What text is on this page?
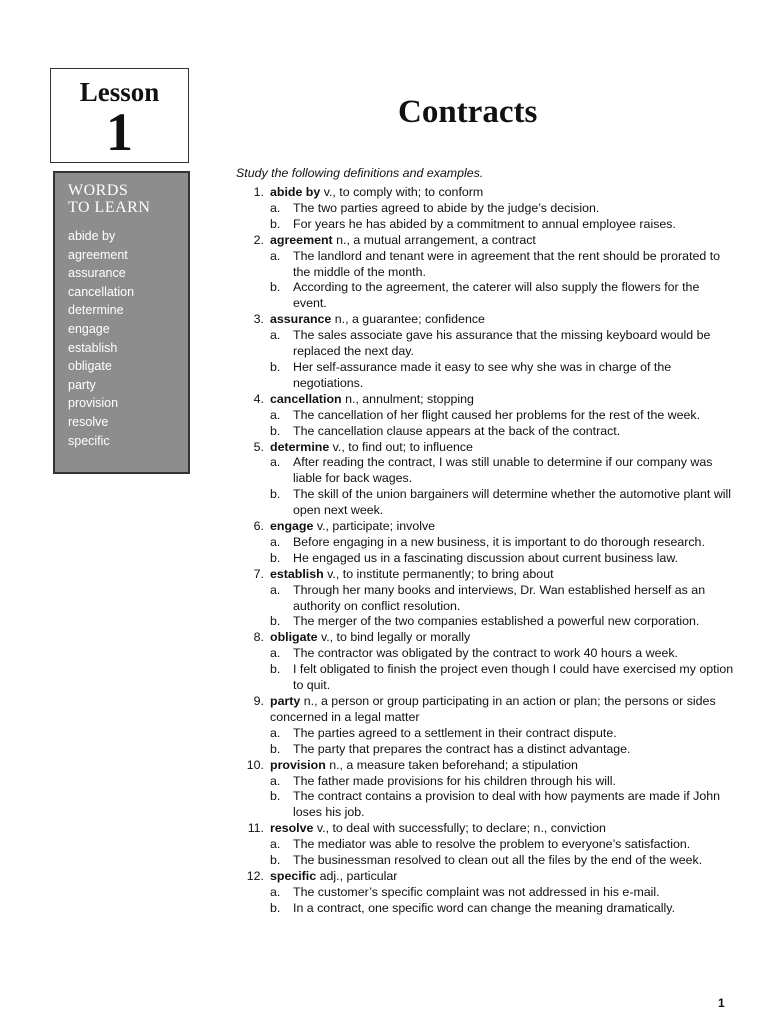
Lesson
1
WORDS
TO LEARN
abide by
agreement
assurance
cancellation
determine
engage
establish
obligate
party
provision
resolve
specific
Contracts
Study the following definitions and examples.
1. abide by v., to comply with; to conform
a. The two parties agreed to abide by the judge’s decision.
b. For years he has abided by a commitment to annual employee raises.
2. agreement n., a mutual arrangement, a contract
a. The landlord and tenant were in agreement that the rent should be prorated to the middle of the month.
b. According to the agreement, the caterer will also supply the flowers for the event.
3. assurance n., a guarantee; confidence
a. The sales associate gave his assurance that the missing keyboard would be replaced the next day.
b. Her self-assurance made it easy to see why she was in charge of the negotiations.
4. cancellation n., annulment; stopping
a. The cancellation of her flight caused her problems for the rest of the week.
b. The cancellation clause appears at the back of the contract.
5. determine v., to find out; to influence
a. After reading the contract, I was still unable to determine if our company was liable for back wages.
b. The skill of the union bargainers will determine whether the automotive plant will open next week.
6. engage v., participate; involve
a. Before engaging in a new business, it is important to do thorough research.
b. He engaged us in a fascinating discussion about current business law.
7. establish v., to institute permanently; to bring about
a. Through her many books and interviews, Dr. Wan established herself as an authority on conflict resolution.
b. The merger of the two companies established a powerful new corporation.
8. obligate v., to bind legally or morally
a. The contractor was obligated by the contract to work 40 hours a week.
b. I felt obligated to finish the project even though I could have exercised my option to quit.
9. party n., a person or group participating in an action or plan; the persons or sides concerned in a legal matter
a. The parties agreed to a settlement in their contract dispute.
b. The party that prepares the contract has a distinct advantage.
10. provision n., a measure taken beforehand; a stipulation
a. The father made provisions for his children through his will.
b. The contract contains a provision to deal with how payments are made if John loses his job.
11. resolve v., to deal with successfully; to declare; n., conviction
a. The mediator was able to resolve the problem to everyone’s satisfaction.
b. The businessman resolved to clean out all the files by the end of the week.
12. specific adj., particular
a. The customer’s specific complaint was not addressed in his e-mail.
b. In a contract, one specific word can change the meaning dramatically.
1
